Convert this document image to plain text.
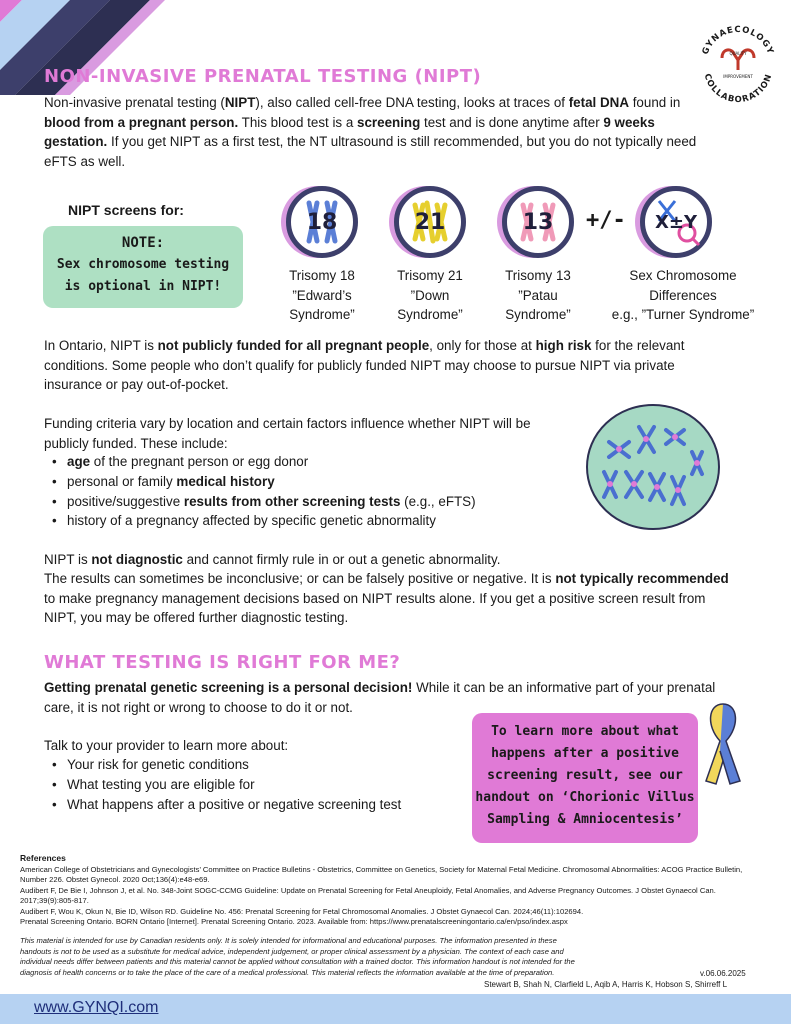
GYNAECOLOGY
COLLABORATION
QUALITY
IMPROVEMENT
NON-INVASIVE PRENATAL TESTING (NIPT)
Non-invasive prenatal testing (NIPT), also called cell-free DNA testing, looks at traces of fetal DNA found in blood from a pregnant person. This blood test is a screening test and is done anytime after 9 weeks gestation. If you get NIPT as a first test, the NT ultrasound is still recommended, but you do not typically need eFTS as well.
NIPT screens for:
NOTE:
Sex chromosome testing
is optional in NIPT!
18	21	13 +/- X±Y
Trisomy 18
”Edward’s
Syndrome”
Trisomy 21
”Down
Syndrome”
Trisomy 13
”Patau
Syndrome”
Sex Chromosome
Differences
e.g., ”Turner Syndrome”
In Ontario, NIPT is not publicly funded for all pregnant people, only for those at high risk for the relevant conditions. Some people who don’t qualify for publicly funded NIPT may choose to pursue NIPT via private insurance or pay out-of-pocket.
Funding criteria vary by location and certain factors influence whether NIPT will be publicly funded. These include:
• age of the pregnant person or egg donor
• personal or family medical history
• positive/suggestive results from other screening tests (e.g., eFTS)
• history of a pregnancy affected by specific genetic abnormality
NIPT is not diagnostic and cannot firmly rule in or out a genetic abnormality.
The results can sometimes be inconclusive; or can be falsely positive or negative. It is not typically recommended to make pregnancy management decisions based on NIPT results alone. If you get a positive screen result from NIPT, you may be offered further diagnostic testing.
WHAT TESTING IS RIGHT FOR ME?
Getting prenatal genetic screening is a personal decision! While it can be an informative part of your prenatal care, it is not right or wrong to choose to do it or not.
Talk to your provider to learn more about:
• Your risk for genetic conditions
• What testing you are eligible for
• What happens after a positive or negative screening test
To learn more about what
happens after a positive
screening result, see our
handout on ‘Chorionic Villus
Sampling & Amniocentesis’
References
American College of Obstetricians and Gynecologists’ Committee on Practice Bulletins - Obstetrics, Committee on Genetics, Society for Maternal Fetal Medicine. Chromosomal Abnormalities: ACOG Practice Bulletin, Number 226. Obstet Gynecol. 2020 Oct;136(4):e48-e69.
Audibert F, De Bie I, Johnson J, et al. No. 348-Joint SOGC-CCMG Guideline: Update on Prenatal Screening for Fetal Aneuploidy, Fetal Anomalies, and Adverse Pregnancy Outcomes. J Obstet Gynaecol Can. 2017;39(9):805-817.
Audibert F, Wou K, Okun N, Bie ID, Wilson RD. Guideline No. 456: Prenatal Screening for Fetal Chromosomal Anomalies. J Obstet Gynaecol Can. 2024;46(11):102694.
Prenatal Screening Ontario. BORN Ontario [Internet]. Prenatal Screening Ontario. 2023. Available from: https://www.prenatalscreeningontario.ca/en/pso/index.aspx
This material is intended for use by Canadian residents only. It is solely intended for informational and educational purposes. The information presented in these handouts is not to be used as a substitute for medical advice, independent judgement, or proper clinical assessment by a physician. The context of each case and individual needs differ between patients and this material cannot be applied without consultation with a trained doctor. This information handout is not intended for the diagnosis of health concerns or to take the place of the care of a medical professional. This material reflects the information available at the time of preparation.	v.06.06.2025
Stewart B, Shah N, Clarfield L, Aqib A, Harris K, Hobson S, Shirreff L
www.GYNQI.com
